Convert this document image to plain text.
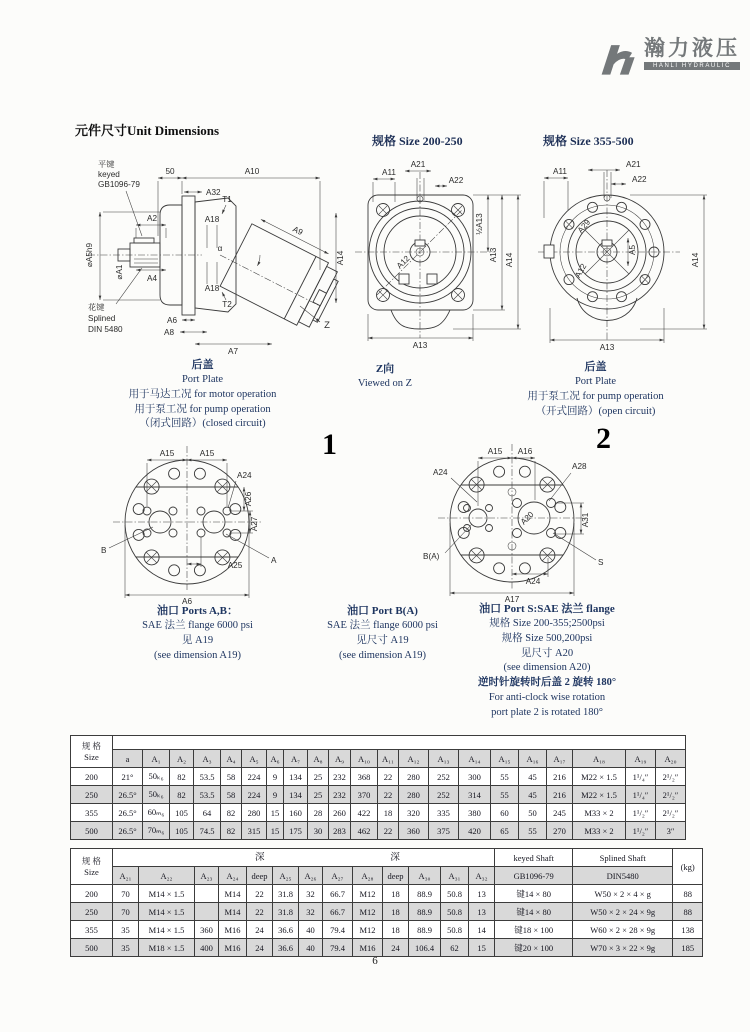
瀚力液压
HANLI HYDRAULIC
元件尺寸Unit Dimensions
规格 Size 200-250	规格 Size 355-500
A9
α
Z
50	A10
A32
T1
A18
A2
⌀A5h9
⌀A1	A4
A18
T2
A6
A8
A7
平键
keyed
GB1096-79
花键
Splined
DIN 5480
A14
A21
A11
A22
A12
½A13
A13 A14
A13
A11
A21
A22
A29
A12
A5
A13
A14
A15	A15
A24
A26
A27
A25
A6
B
A
A15 A16
A24
A28
A20	A31
B(A)
S
A24
A17
1	2
后盖
Port Plate
用于马达工况 for motor operation
用于泵工况 for pump operation
（闭式回路）(closed circuit)
Z向
Viewed on Z
后盖
Port Plate
用于泵工况 for pump operation
（开式回路）(open circuit)
油口 Ports A,B：
SAE 法兰 flange 6000 psi
见 A19
(see dimension A19)
油口 Port B(A)
SAE 法兰 flange 6000 psi
见尺寸 A19
(see dimension A19)
油口 Port S:SAE 法兰 flange
规格 Size 200-355;2500psi
规格 Size 500,200psi
见尺寸 A20
(see dimension A20)
逆时针旋转时后盖 2 旋转 180°
For anti-clock wise rotation
port plate 2 is rotated 180°
规 格
Size																					
	a	A₁	A₂	A₃	A₄	A₅	A₆	A₇	A₈	A₉	A₁₀	A₁₁	A₁₂	A₁₃	A₁₄	A₁₅	A₁₆	A₁₇	A₁₈	A₁₉	A₂₀
200	21°	50ₖ₆	82	53.5	58	224	9	134	25	232	368	22	280	252	300	55	45	216	M22 × 1.5	1¹/₄″	2¹/₂″
250	26.5°	50ₖ₆	82	53.5	58	224	9	134	25	232	370	22	280	252	314	55	45	216	M22 × 1.5	1¹/₄″	2¹/₂″
355	26.5°	60ₘ₆	105	64	82	280	15	160	28	260	422	18	320	335	380	60	50	245	M33 × 2	1¹/₂″	2¹/₂″
500	26.5°	70ₘ₆	105	74.5	82	315	15	175	30	283	462	22	360	375	420	65	55	270	M33 × 2	1¹/₂″	3″
规 格
Size	深 深													keyed Shaft	Splined Shaft	(kg)
	A₂₁	A₂₂	A₂₃	A₂₄	deep	A₂₅	A₂₆	A₂₇	A₂₈	deep	A₃₀	A₃₁	A₃₂	GB1096-79	DIN5480	
200	70	M14 × 1.5		M14	22	31.8	32	66.7	M12	18	88.9	50.8	13	键14 × 80	W50 × 2 × 4 × g	88
250	70	M14 × 1.5		M14	22	31.8	32	66.7	M12	18	88.9	50.8	13	键14 × 80	W50 × 2 × 24 × 9g	88
355	35	M14 × 1.5	360	M16	24	36.6	40	79.4	M12	18	88.9	50.8	14	键18 × 100	W60 × 2 × 28 × 9g	138
500	35	M18 × 1.5	400	M16	24	36.6	40	79.4	M16	24	106.4	62	15	键20 × 100	W70 × 3 × 22 × 9g	185
6
